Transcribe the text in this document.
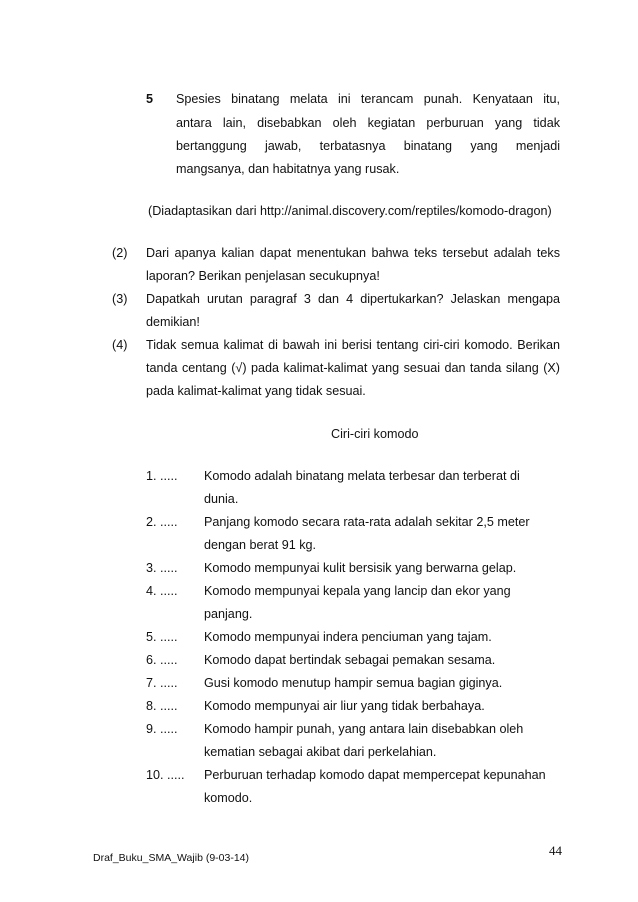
5 Spesies binatang melata ini terancam punah. Kenyataan itu,
antara lain, disebabkan oleh kegiatan perburuan yang tidak
bertanggung jawab, terbatasnya binatang yang menjadi
mangsanya, dan habitatnya yang rusak.
(Diadaptasikan dari http://animal.discovery.com/reptiles/komodo-dragon)
(2) Dari apanya kalian dapat menentukan bahwa teks tersebut adalah teks
laporan? Berikan penjelasan secukupnya!
(3) Dapatkah urutan paragraf 3 dan 4 dipertukarkan? Jelaskan mengapa
demikian!
(4) Tidak semua kalimat di bawah ini berisi tentang ciri-ciri komodo. Berikan
tanda centang (√) pada kalimat-kalimat yang sesuai dan tanda silang (X)
pada kalimat-kalimat yang tidak sesuai.
Ciri-ciri komodo
1. ..... Komodo adalah binatang melata terbesar dan terberat di
dunia.
2. ..... Panjang komodo secara rata-rata adalah sekitar 2,5 meter
dengan berat 91 kg.
3. ..... Komodo mempunyai kulit bersisik yang berwarna gelap.
4. ..... Komodo mempunyai kepala yang lancip dan ekor yang
panjang.
5. ..... Komodo mempunyai indera penciuman yang tajam.
6. ..... Komodo dapat bertindak sebagai pemakan sesama.
7. ..... Gusi komodo menutup hampir semua bagian giginya.
8. ..... Komodo mempunyai air liur yang tidak berbahaya.
9. ..... Komodo hampir punah, yang antara lain disebabkan oleh
kematian sebagai akibat dari perkelahian.
10. ..... Perburuan terhadap komodo dapat mempercepat kepunahan
komodo.
Draf_Buku_SMA_Wajib (9-03-14)	44
